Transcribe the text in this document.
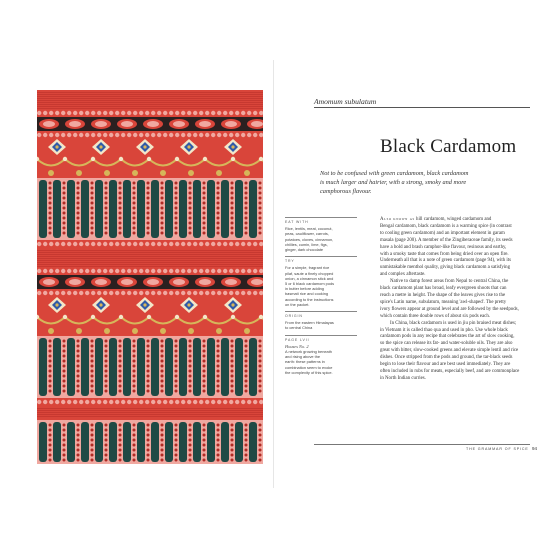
Amomum subulatum
Black Cardamom
Not to be confused with green cardamom, black cardamom
is much larger and hairier, with a strong, smoky and more
camphorous flavour.
EAT WITH
Rice, lentils, meat, coconut,
peas, cauliflower, carrots,
potatoes, cloves, cinnamon,
chillies, cumin, lime, figs,
ginger, dark chocolate
TRY
For a simple, fragrant rice
pilaf, saute a finely chopped
onion, a cinnamon stick and
5 or 6 black cardamom pods
in butter before adding
basmati rice and cooking
according to the instructions
on the packet.
ORIGIN
From the eastern Himalayas
to central China
PAGE LVII
Houses No. 2
A network growing beneath
and rising above the
earth: these patterns in
combination seem to evoke
the complexity of this spice.
Also known as hill cardamom, winged cardamom and
Bengal cardamom, black cardamom is a warming spice (in contrast
to cooling green cardamom) and an important element in garam
masala (page 200). A member of the Zingiberaceae family, its seeds
have a bold and brash camphor-like flavour, resinous and earthy,
with a smoky taste that comes from being dried over an open fire.
Underneath all that is a note of green cardamom (page 94), with its
unmistakable menthol quality, giving black cardamom a satisfying
and complex aftertaste.
Native to damp forest areas from Nepal to central China, the
black cardamom plant has broad, leafy evergreen shoots that can
reach a metre in height. The shape of the leaves gives rise to the
spice's Latin name, subulatum, meaning 'awl-shaped'. The pretty
ivory flowers appear at ground level and are followed by the seedpods,
which contain three double rows of about six pods each.
In China, black cardamom is used in jiu pin braised meat dishes;
in Vietnam it is called thao qua and used in pho. Use whole black
cardamom pods in any recipe that celebrates the art of slow cooking,
so the spice can release its fat- and water-soluble oils. They are also
great with bitter, slow-cooked greens and elevate simple lentil and rice
dishes. Once stripped from the pods and ground, the tar-black seeds
begin to lose their flavour and are best used immediately. They are
often included in rubs for meats, especially beef, and are commonplace
in North Indian curries.
THE GRAMMAR OF SPICE 94
